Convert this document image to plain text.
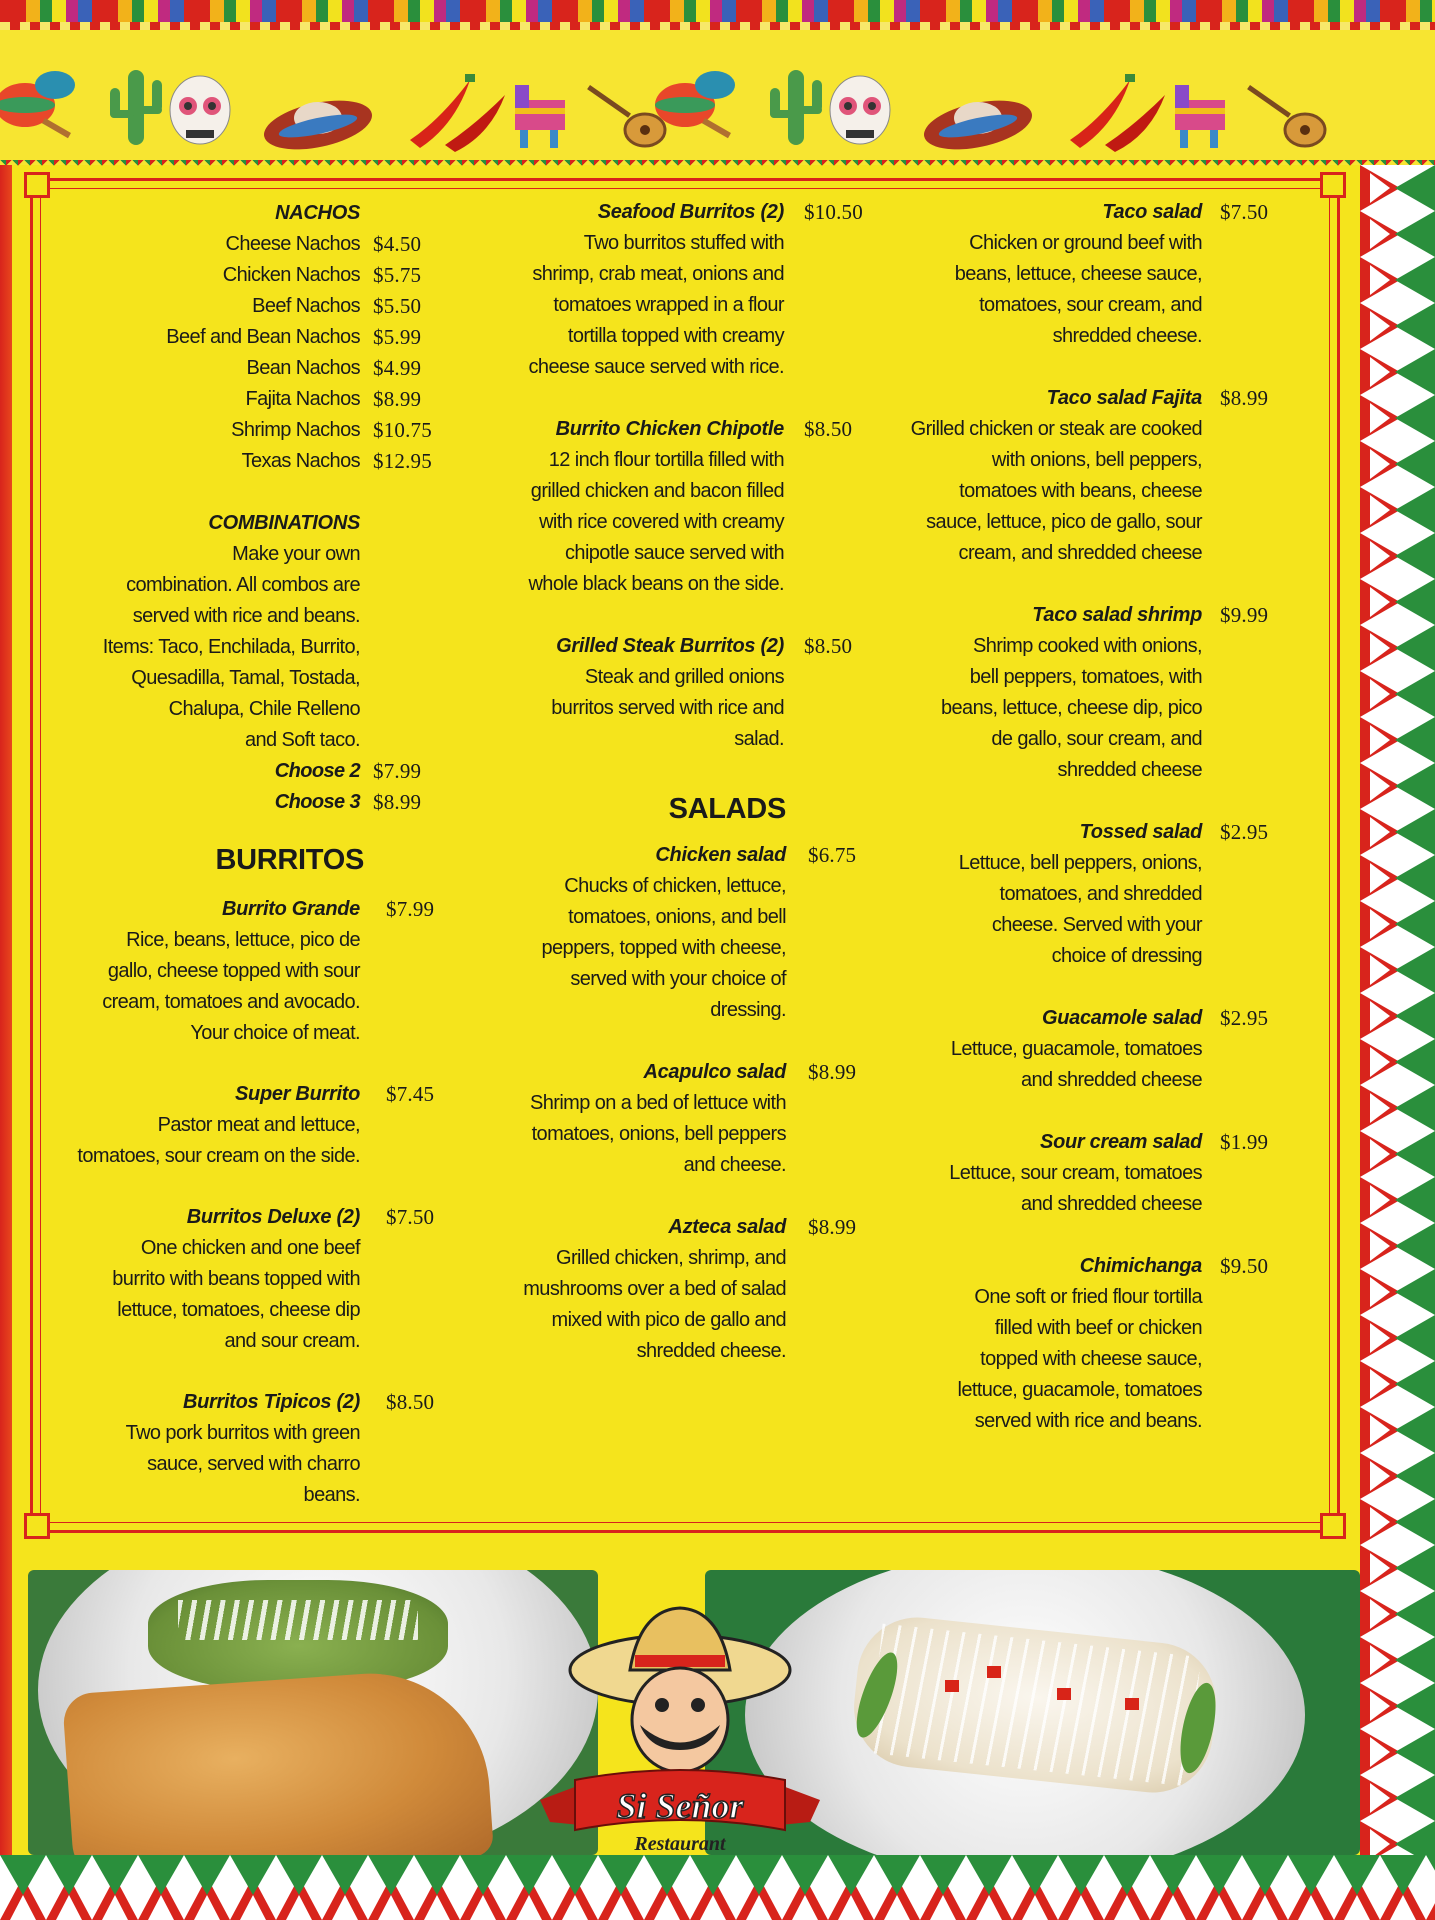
NACHOS
Cheese Nachos $4.50
Chicken Nachos $5.75
Beef Nachos $5.50
Beef and Bean Nachos $5.99
Bean Nachos $4.99
Fajita Nachos $8.99
Shrimp Nachos $10.75
Texas Nachos $12.95
COMBINATIONS
Make your own
combination. All combos are
served with rice and beans.
Items: Taco, Enchilada, Burrito,
Quesadilla, Tamal, Tostada,
Chalupa, Chile Relleno
and Soft taco.
Choose 2 $7.99
Choose 3 $8.99
BURRITOS
Burrito Grande $7.99
Rice, beans, lettuce, pico de
gallo, cheese topped with sour
cream, tomatoes and avocado.
Your choice of meat.
Super Burrito $7.45
Pastor meat and lettuce,
tomatoes, sour cream on the side.
Burritos Deluxe (2) $7.50
One chicken and one beef
burrito with beans topped with
lettuce, tomatoes, cheese dip
and sour cream.
Burritos Tipicos (2) $8.50
Two pork burritos with green
sauce, served with charro
beans.
Seafood Burritos (2) $10.50
Two burritos stuffed with
shrimp, crab meat, onions and
tomatoes wrapped in a flour
tortilla topped with creamy
cheese sauce served with rice.
Burrito Chicken Chipotle $8.50
12 inch flour tortilla filled with
grilled chicken and bacon filled
with rice covered with creamy
chipotle sauce served with
whole black beans on the side.
Grilled Steak Burritos (2) $8.50
Steak and grilled onions
burritos served with rice and
salad.
SALADS
Chicken salad $6.75
Chucks of chicken, lettuce,
tomatoes, onions, and bell
peppers, topped with cheese,
served with your choice of
dressing.
Acapulco salad $8.99
Shrimp on a bed of lettuce with
tomatoes, onions, bell peppers
and cheese.
Azteca salad $8.99
Grilled chicken, shrimp, and
mushrooms over a bed of salad
mixed with pico de gallo and
shredded cheese.
Taco salad $7.50
Chicken or ground beef with
beans, lettuce, cheese sauce,
tomatoes, sour cream, and
shredded cheese.
Taco salad Fajita $8.99
Grilled chicken or steak are cooked
with onions, bell peppers,
tomatoes with beans, cheese
sauce, lettuce, pico de gallo, sour
cream, and shredded cheese
Taco salad shrimp $9.99
Shrimp cooked with onions,
bell peppers, tomatoes, with
beans, lettuce, cheese dip, pico
de gallo, sour cream, and
shredded cheese
Tossed salad $2.95
Lettuce, bell peppers, onions,
tomatoes, and shredded
cheese. Served with your
choice of dressing
Guacamole salad $2.95
Lettuce, guacamole, tomatoes
and shredded cheese
Sour cream salad $1.99
Lettuce, sour cream, tomatoes
and shredded cheese
Chimichanga $9.50
One soft or fried flour tortilla
filled with beef or chicken
topped with cheese sauce,
lettuce, guacamole, tomatoes
served with rice and beans.
Si Señor
Restaurant
